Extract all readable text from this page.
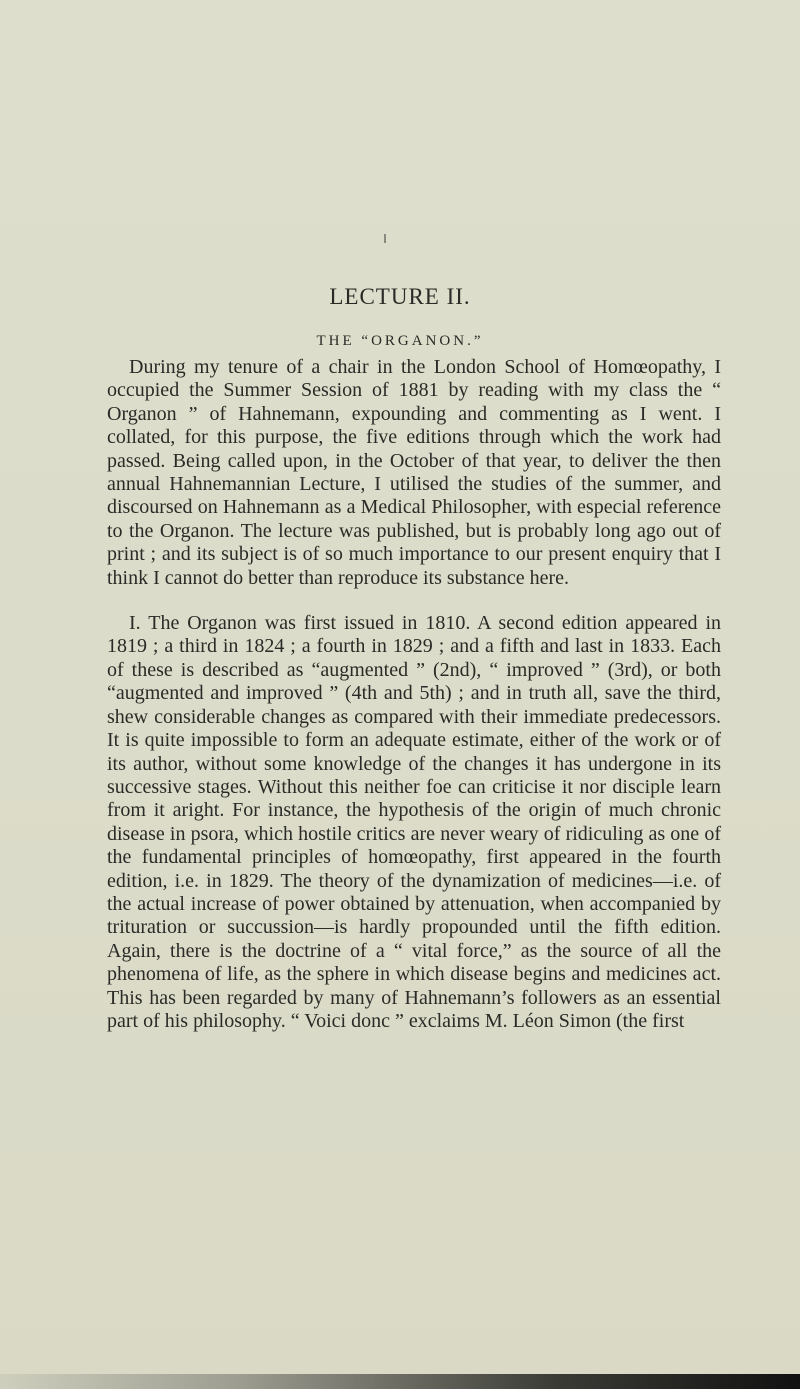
LECTURE II.
THE “ORGANON.”

During my tenure of a chair in the London School of Homœopathy, I occupied the Summer Session of 1881 by reading with my class the “ Organon ” of Hahnemann, expounding and commenting as I went. I collated, for this purpose, the five editions through which the work had passed. Being called upon, in the October of that year, to deliver the then annual Hahnemannian Lecture, I utilised the studies of the summer, and discoursed on Hahnemann as a Medical Philosopher, with especial reference to the Organon. The lecture was published, but is probably long ago out of print ; and its subject is of so much importance to our present enquiry that I think I cannot do better than reproduce its substance here.

I. The Organon was first issued in 1810. A second edition appeared in 1819 ; a third in 1824 ; a fourth in 1829 ; and a fifth and last in 1833. Each of these is described as “augmented ” (2nd), “ improved ” (3rd), or both “augmented and improved ” (4th and 5th) ; and in truth all, save the third, shew considerable changes as compared with their immediate predecessors. It is quite impossible to form an adequate estimate, either of the work or of its author, without some knowledge of the changes it has undergone in its successive stages. Without this neither foe can criticise it nor disciple learn from it aright. For instance, the hypothesis of the origin of much chronic disease in psora, which hostile critics are never weary of ridiculing as one of the fundamental principles of homœopathy, first appeared in the fourth edition, i.e. in 1829. The theory of the dynamization of medicines—i.e. of the actual increase of power obtained by attenuation, when accompanied by trituration or succussion—is hardly propounded until the fifth edition. Again, there is the doctrine of a “ vital force,” as the source of all the phenomena of life, as the sphere in which disease begins and medicines act. This has been regarded by many of Hahnemann’s followers as an essential part of his philosophy. “ Voici donc ” exclaims M. Léon Simon (the first
